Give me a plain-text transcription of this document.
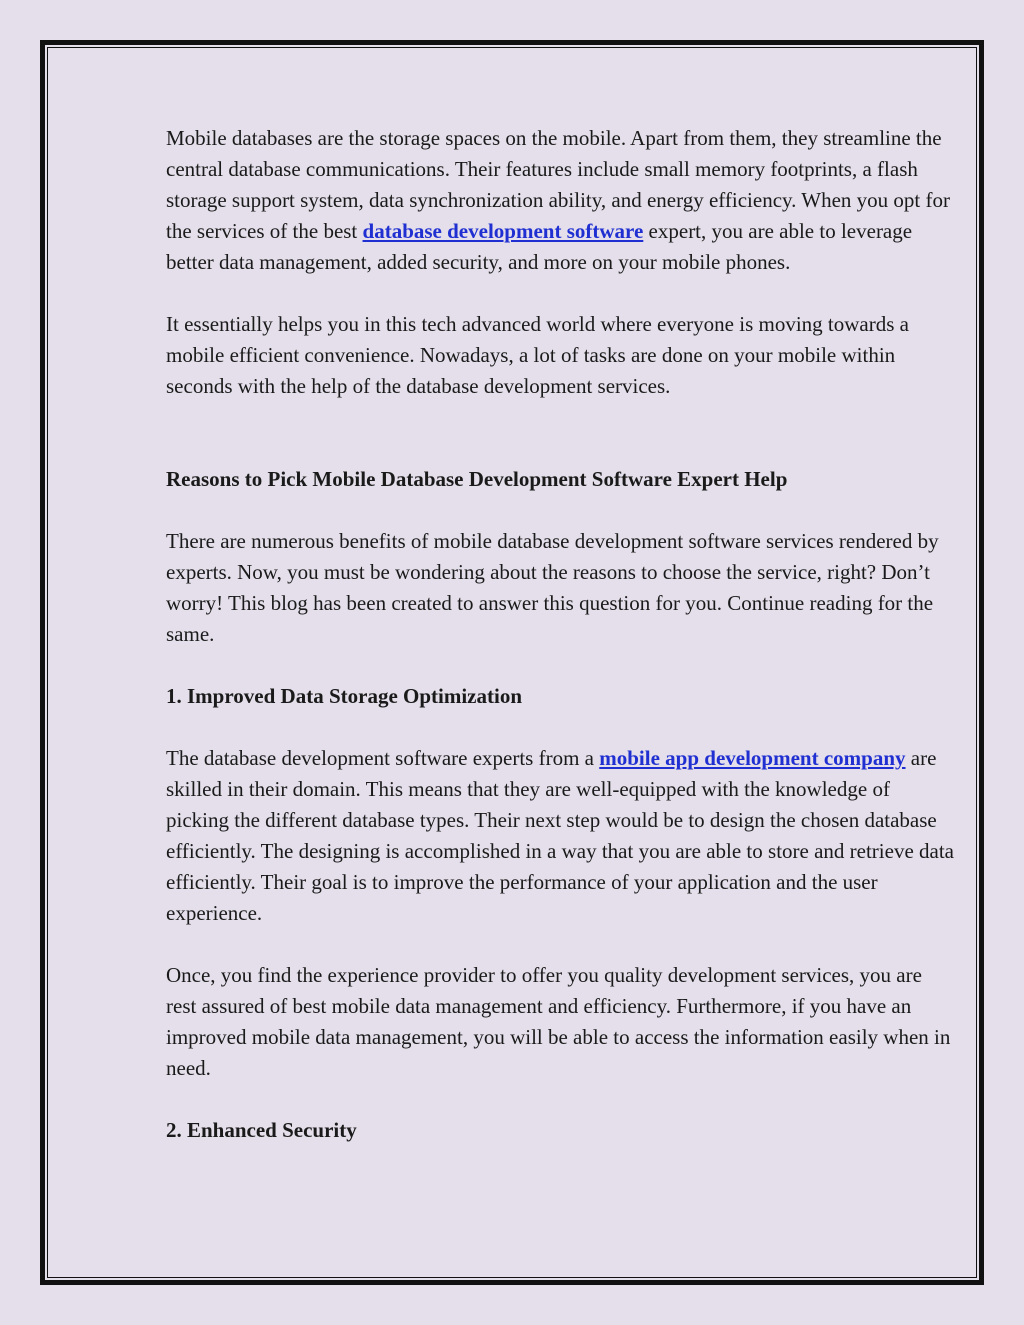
Mobile databases are the storage spaces on the mobile. Apart from them, they streamline the central database communications. Their features include small memory footprints, a flash storage support system, data synchronization ability, and energy efficiency. When you opt for the services of the best database development software expert, you are able to leverage better data management, added security, and more on your mobile phones.

It essentially helps you in this tech advanced world where everyone is moving towards a mobile efficient convenience. Nowadays, a lot of tasks are done on your mobile within seconds with the help of the database development services.

Reasons to Pick Mobile Database Development Software Expert Help

There are numerous benefits of mobile database development software services rendered by experts. Now, you must be wondering about the reasons to choose the service, right? Don’t worry! This blog has been created to answer this question for you. Continue reading for the same.

1. Improved Data Storage Optimization

The database development software experts from a mobile app development company are skilled in their domain. This means that they are well-equipped with the knowledge of picking the different database types. Their next step would be to design the chosen database efficiently. The designing is accomplished in a way that you are able to store and retrieve data efficiently. Their goal is to improve the performance of your application and the user experience.

Once, you find the experience provider to offer you quality development services, you are rest assured of best mobile data management and efficiency. Furthermore, if you have an improved mobile data management, you will be able to access the information easily when in need.

2. Enhanced Security
